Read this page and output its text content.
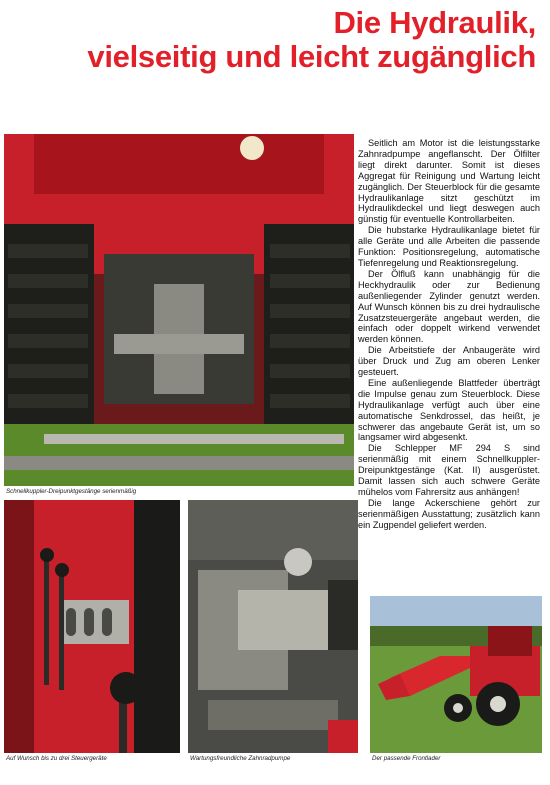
Die Hydraulik,
vielseitig und leicht zugänglich
Schnellkuppler-Dreipunktgestänge serienmäßig

Seitlich am Motor ist die leistungsstarke Zahnradpumpe angeflanscht. Der Ölfilter liegt direkt darunter. Somit ist dieses Aggregat für Reinigung und Wartung leicht zugänglich. Der Steuerblock für die gesamte Hydraulikanlage sitzt geschützt im Hydraulikdeckel und liegt deswegen auch günstig für eventuelle Kontrollarbeiten.

Die hubstarke Hydraulikanlage bietet für alle Geräte und alle Arbeiten die passende Funktion: Positionsregelung, automatische Tiefenregelung und Reaktionsregelung.

Der Ölfluß kann unabhängig für die Heckhydraulik oder zur Bedienung außenliegender Zylinder genutzt werden. Auf Wunsch können bis zu drei hydraulische Zusatzsteuergeräte angebaut werden, die einfach oder doppelt wirkend verwendet werden können.

Die Arbeitstiefe der Anbaugeräte wird über Druck und Zug am oberen Lenker gesteuert.

Eine außenliegende Blattfeder überträgt die Impulse genau zum Steuerblock. Diese Hydraulikanlage verfügt auch über eine automatische Senkdrossel, das heißt, je schwerer das angebaute Gerät ist, um so langsamer wird abgesenkt.

Die Schlepper MF 294 S sind serienmäßig mit einem Schnellkuppler-Dreipunktgestänge (Kat. II) ausgerüstet. Damit lassen sich auch schwere Geräte mühelos vom Fahrersitz aus anhängen!

Die lange Ackerschiene gehört zur serienmäßigen Ausstattung; zusätzlich kann ein Zugpendel geliefert werden.

Auf Wunsch bis zu drei Steuergeräte	Wartungsfreundliche Zahnradpumpe	Der passende Frontlader
